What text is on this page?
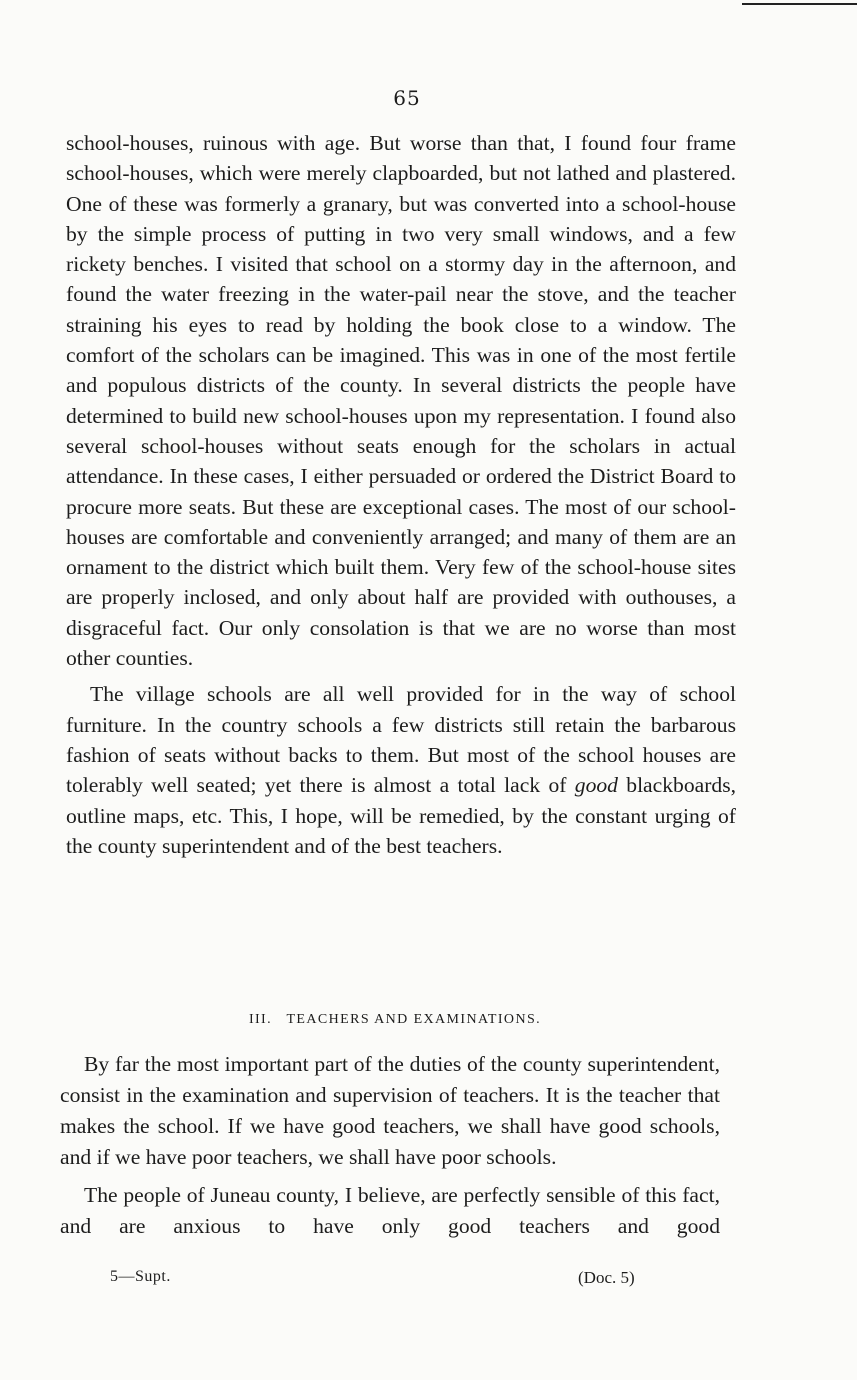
65

school-houses, ruinous with age. But worse than that, I found four frame school-houses, which were merely clapboarded, but not lathed and plastered. One of these was formerly a granary, but was converted into a school-house by the simple process of putting in two very small windows, and a few rickety benches. I visited that school on a stormy day in the afternoon, and found the water freezing in the water-pail near the stove, and the teacher straining his eyes to read by holding the book close to a window. The comfort of the scholars can be imagined. This was in one of the most fertile and populous districts of the county. In several districts the people have determined to build new school-houses upon my representation. I found also several school-houses without seats enough for the scholars in actual attendance. In these cases, I either persuaded or ordered the District Board to procure more seats. But these are exceptional cases. The most of our school-houses are comfortable and conveniently arranged; and many of them are an ornament to the district which built them. Very few of the school-house sites are properly inclosed, and only about half are provided with outhouses, a disgraceful fact. Our only consolation is that we are no worse than most other counties.

The village schools are all well provided for in the way of school furniture. In the country schools a few districts still retain the barbarous fashion of seats without backs to them. But most of the school houses are tolerably well seated; yet there is almost a total lack of good blackboards, outline maps, etc. This, I hope, will be remedied, by the constant urging of the county superintendent and of the best teachers.

III.   TEACHERS AND EXAMINATIONS.

By far the most important part of the duties of the county superintendent, consist in the examination and supervision of teachers. It is the teacher that makes the school. If we have good teachers, we shall have good schools, and if we have poor teachers, we shall have poor schools.

The people of Juneau county, I believe, are perfectly sensible of this fact, and are anxious to have only good teachers and good

5—Supt.	(Doc. 5)
